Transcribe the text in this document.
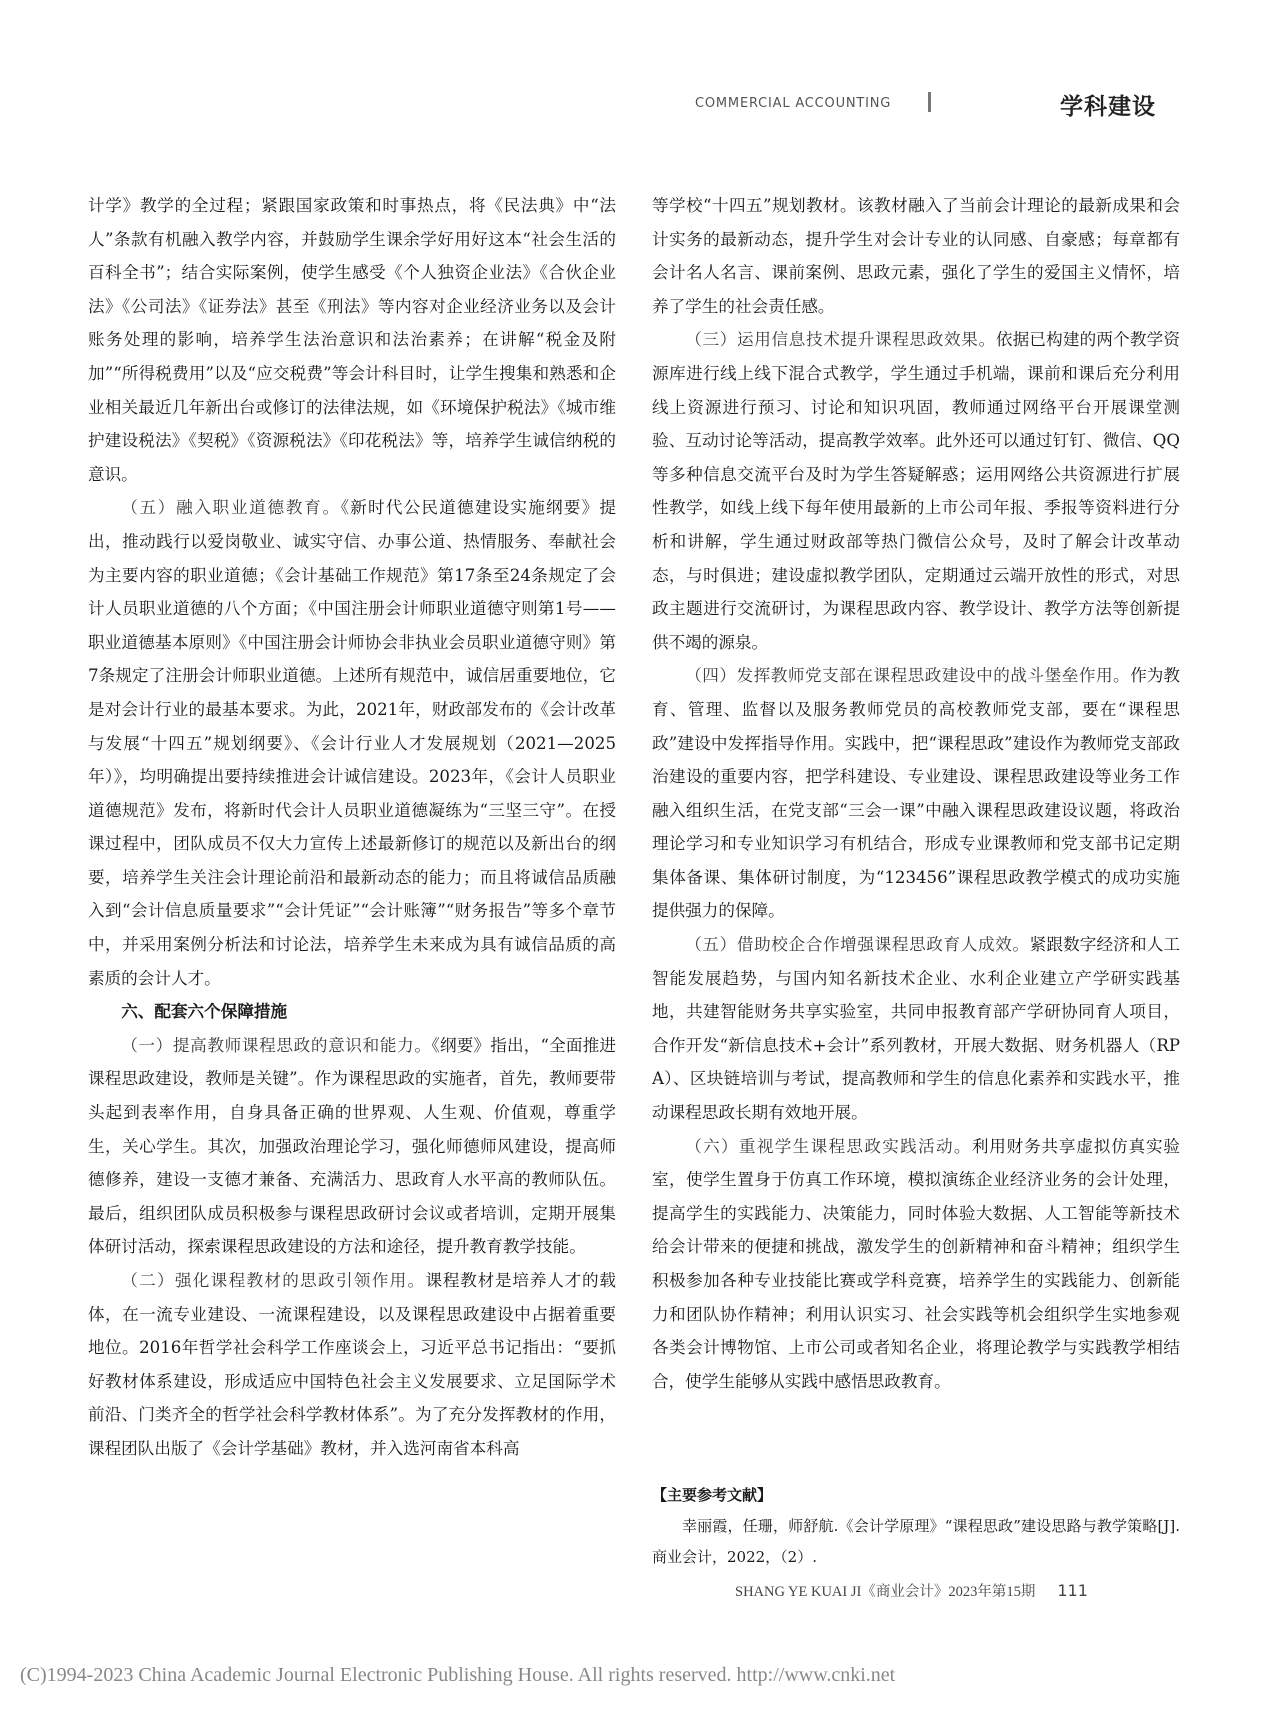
COMMERCIAL ACCOUNTING	学科建设

计学》教学的全过程；紧跟国家政策和时事热点，将《民法典》中“法人”条款有机融入教学内容，并鼓励学生课余学好用好这本“社会生活的百科全书”；结合实际案例，使学生感受《个人独资企业法》《合伙企业法》《公司法》《证券法》甚至《刑法》等内容对企业经济业务以及会计账务处理的影响，培养学生法治意识和法治素养；在讲解“税金及附加”“所得税费用”以及“应交税费”等会计科目时，让学生搜集和熟悉和企业相关最近几年新出台或修订的法律法规，如《环境保护税法》《城市维护建设税法》《契税》《资源税法》《印花税法》等，培养学生诚信纳税的意识。

（五）融入职业道德教育。《新时代公民道德建设实施纲要》提出，推动践行以爱岗敬业、诚实守信、办事公道、热情服务、奉献社会为主要内容的职业道德；《会计基础工作规范》第17条至24条规定了会计人员职业道德的八个方面；《中国注册会计师职业道德守则第1号——职业道德基本原则》《中国注册会计师协会非执业会员职业道德守则》第7条规定了注册会计师职业道德。上述所有规范中，诚信居重要地位，它是对会计行业的最基本要求。为此，2021年，财政部发布的《会计改革与发展“十四五”规划纲要》、《会计行业人才发展规划（2021—2025年）》，均明确提出要持续推进会计诚信建设。2023年，《会计人员职业道德规范》发布，将新时代会计人员职业道德凝练为“三坚三守”。在授课过程中，团队成员不仅大力宣传上述最新修订的规范以及新出台的纲要，培养学生关注会计理论前沿和最新动态的能力；而且将诚信品质融入到“会计信息质量要求”“会计凭证”“会计账簿”“财务报告”等多个章节中，并采用案例分析法和讨论法，培养学生未来成为具有诚信品质的高素质的会计人才。

六、配套六个保障措施

（一）提高教师课程思政的意识和能力。《纲要》指出，“全面推进课程思政建设，教师是关键”。作为课程思政的实施者，首先，教师要带头起到表率作用，自身具备正确的世界观、人生观、价值观，尊重学生，关心学生。其次，加强政治理论学习，强化师德师风建设，提高师德修养，建设一支德才兼备、充满活力、思政育人水平高的教师队伍。最后，组织团队成员积极参与课程思政研讨会议或者培训，定期开展集体研讨活动，探索课程思政建设的方法和途径，提升教育教学技能。

（二）强化课程教材的思政引领作用。课程教材是培养人才的载体，在一流专业建设、一流课程建设，以及课程思政建设中占据着重要地位。2016年哲学社会科学工作座谈会上，习近平总书记指出：“要抓好教材体系建设，形成适应中国特色社会主义发展要求、立足国际学术前沿、门类齐全的哲学社会科学教材体系”。为了充分发挥教材的作用，课程团队出版了《会计学基础》教材，并入选河南省本科高

等学校“十四五”规划教材。该教材融入了当前会计理论的最新成果和会计实务的最新动态，提升学生对会计专业的认同感、自豪感；每章都有会计名人名言、课前案例、思政元素，强化了学生的爱国主义情怀，培养了学生的社会责任感。

（三）运用信息技术提升课程思政效果。依据已构建的两个教学资源库进行线上线下混合式教学，学生通过手机端，课前和课后充分利用线上资源进行预习、讨论和知识巩固，教师通过网络平台开展课堂测验、互动讨论等活动，提高教学效率。此外还可以通过钉钉、微信、QQ等多种信息交流平台及时为学生答疑解惑；运用网络公共资源进行扩展性教学，如线上线下每年使用最新的上市公司年报、季报等资料进行分析和讲解，学生通过财政部等热门微信公众号，及时了解会计改革动态，与时俱进；建设虚拟教学团队，定期通过云端开放性的形式，对思政主题进行交流研讨，为课程思政内容、教学设计、教学方法等创新提供不竭的源泉。

（四）发挥教师党支部在课程思政建设中的战斗堡垒作用。作为教育、管理、监督以及服务教师党员的高校教师党支部，要在“课程思政”建设中发挥指导作用。实践中，把“课程思政”建设作为教师党支部政治建设的重要内容，把学科建设、专业建设、课程思政建设等业务工作融入组织生活，在党支部“三会一课”中融入课程思政建设议题，将政治理论学习和专业知识学习有机结合，形成专业课教师和党支部书记定期集体备课、集体研讨制度，为“123456”课程思政教学模式的成功实施提供强力的保障。

（五）借助校企合作增强课程思政育人成效。紧跟数字经济和人工智能发展趋势，与国内知名新技术企业、水利企业建立产学研实践基地，共建智能财务共享实验室，共同申报教育部产学研协同育人项目，合作开发“新信息技术+会计”系列教材，开展大数据、财务机器人（RPA）、区块链培训与考试，提高教师和学生的信息化素养和实践水平，推动课程思政长期有效地开展。

（六）重视学生课程思政实践活动。利用财务共享虚拟仿真实验室，使学生置身于仿真工作环境，模拟演练企业经济业务的会计处理，提高学生的实践能力、决策能力，同时体验大数据、人工智能等新技术给会计带来的便捷和挑战，激发学生的创新精神和奋斗精神；组织学生积极参加各种专业技能比赛或学科竞赛，培养学生的实践能力、创新能力和团队协作精神；利用认识实习、社会实践等机会组织学生实地参观各类会计博物馆、上市公司或者知名企业，将理论教学与实践教学相结合，使学生能够从实践中感悟思政教育。

【主要参考文献】

幸丽霞，任珊，师舒航.《会计学原理》“课程思政”建设思路与教学策略[J].商业会计，2022，（2）.

SHANG YE KUAI JI《商业会计》2023年第15期 111
(C)1994-2023 China Academic Journal Electronic Publishing House. All rights reserved. http://www.cnki.net
